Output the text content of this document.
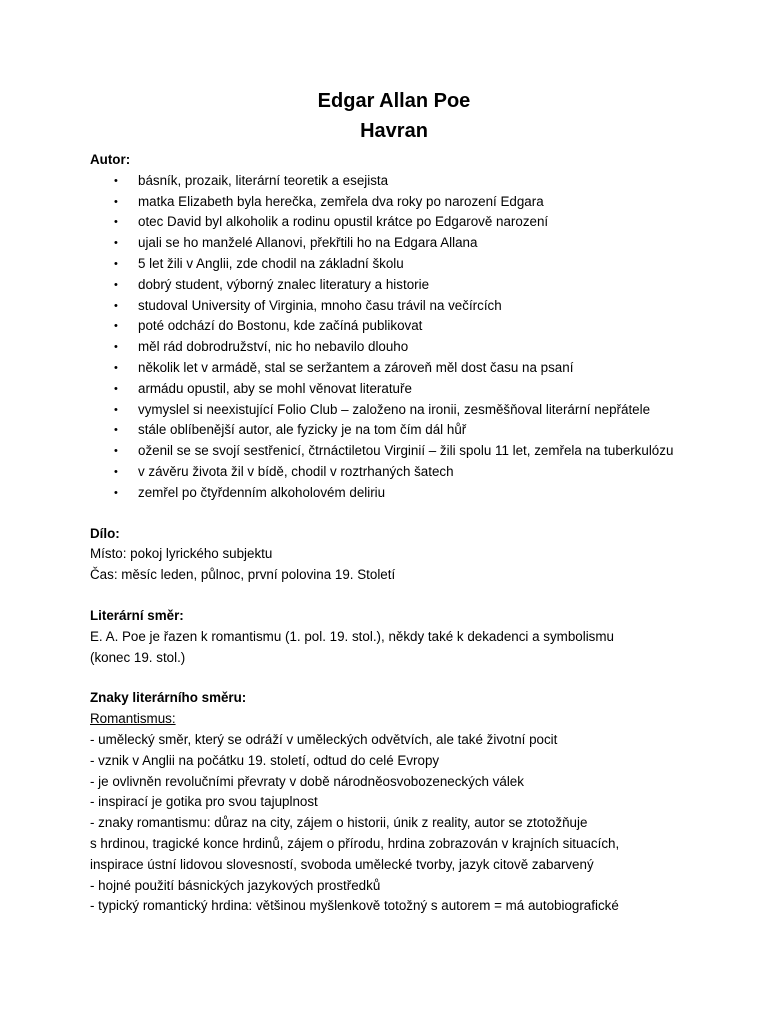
Edgar Allan Poe

Havran

Autor:

• básník, prozaik, literární teoretik a esejista
• matka Elizabeth byla herečka, zemřela dva roky po narození Edgara
• otec David byl alkoholik a rodinu opustil krátce po Edgarově narození
• ujali se ho manželé Allanovi, překřtili ho na Edgara Allana
• 5 let žili v Anglii, zde chodil na základní školu
• dobrý student, výborný znalec literatury a historie
• studoval University of Virginia, mnoho času trávil na večírcích
• poté odchází do Bostonu, kde začíná publikovat
• měl rád dobrodružství, nic ho nebavilo dlouho
• několik let v armádě, stal se seržantem a zároveň měl dost času na psaní
• armádu opustil, aby se mohl věnovat literatuře
• vymyslel si neexistující Folio Club – založeno na ironii, zesměšňoval literární nepřátele
• stále oblíbenější autor, ale fyzicky je na tom čím dál hůř
• oženil se se svojí sestřenicí, čtrnáctiletou Virginií – žili spolu 11 let, zemřela na tuberkulózu
• v závěru života žil v bídě, chodil v roztrhaných šatech
• zemřel po čtyřdenním alkoholovém deliriu

Dílo:

Místo: pokoj lyrického subjektu

Čas: měsíc leden, půlnoc, první polovina 19. Století

Literární směr:

E. A. Poe je řazen k romantismu (1. pol. 19. stol.), někdy také k dekadenci a symbolismu

(konec 19. stol.)

Znaky literárního směru:

Romantismus:

- umělecký směr, který se odráží v uměleckých odvětvích, ale také životní pocit

- vznik v Anglii na počátku 19. století, odtud do celé Evropy

- je ovlivněn revolučními převraty v době národněosvobozeneckých válek

- inspirací je gotika pro svou tajuplnost

- znaky romantismu: důraz na city, zájem o historii, únik z reality, autor se ztotožňuje

s hrdinou, tragické konce hrdinů, zájem o přírodu, hrdina zobrazován v krajních situacích,

inspirace ústní lidovou slovesností, svoboda umělecké tvorby, jazyk citově zabarvený

- hojné použití básnických jazykových prostředků

- typický romantický hrdina: většinou myšlenkově totožný s autorem = má autobiografické
